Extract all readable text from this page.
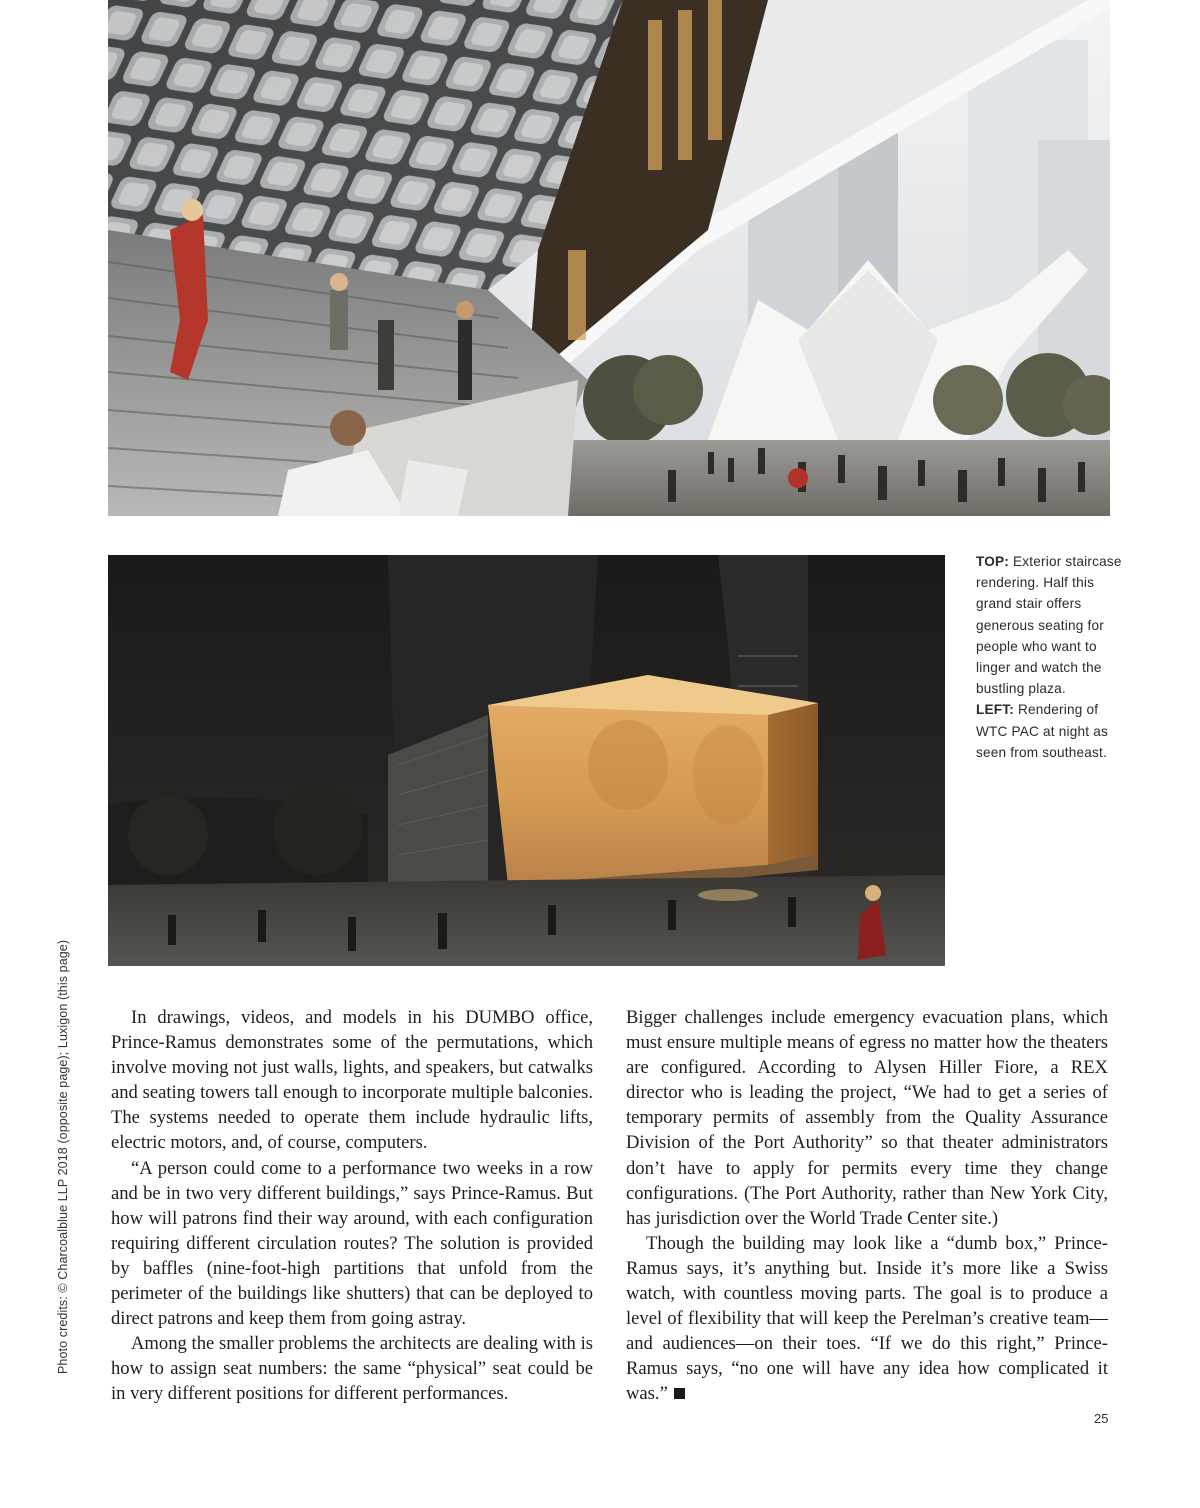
TOP: Exterior staircase rendering. Half this grand stair offers generous seating for people who want to linger and watch the bustling plaza.

LEFT: Rendering of WTC PAC at night as seen from southeast.

Photo credits: © Charcoalblue LLP 2018 (opposite page); Luxigon (this page)	In drawings, videos, and models in his DUMBO office, Prince-Ramus demonstrates some of the permutations, which involve moving not just walls, lights, and speakers, but catwalks and seating towers tall enough to incorporate multiple balconies. The systems needed to operate them include hydraulic lifts, electric motors, and, of course, computers.

“A person could come to a performance two weeks in a row and be in two very different buildings,” says Prince-Ramus. But how will patrons find their way around, with each configuration requiring different circulation routes? The solution is provided by baffles (nine-foot-high partitions that unfold from the perimeter of the buildings like shutters) that can be deployed to direct patrons and keep them from going astray.

Among the smaller problems the architects are dealing with is how to assign seat numbers: the same “physical” seat could be in very different positions for different performances.

Bigger challenges include emergency evacuation plans, which must ensure multiple means of egress no matter how the theaters are configured. According to Alysen Hiller Fiore, a REX director who is leading the project, “We had to get a series of temporary permits of assembly from the Quality Assurance Division of the Port Authority” so that theater administrators don’t have to apply for permits every time they change configurations. (The Port Authority, rather than New York City, has jurisdiction over the World Trade Center site.)

Though the building may look like a “dumb box,” Prince-Ramus says, it’s anything but. Inside it’s more like a Swiss watch, with countless moving parts. The goal is to produce a level of flexibility that will keep the Perelman’s creative team—and audiences—on their toes. “If we do this right,” Prince-Ramus says, “no one will have any idea how complicated it was.”

25
